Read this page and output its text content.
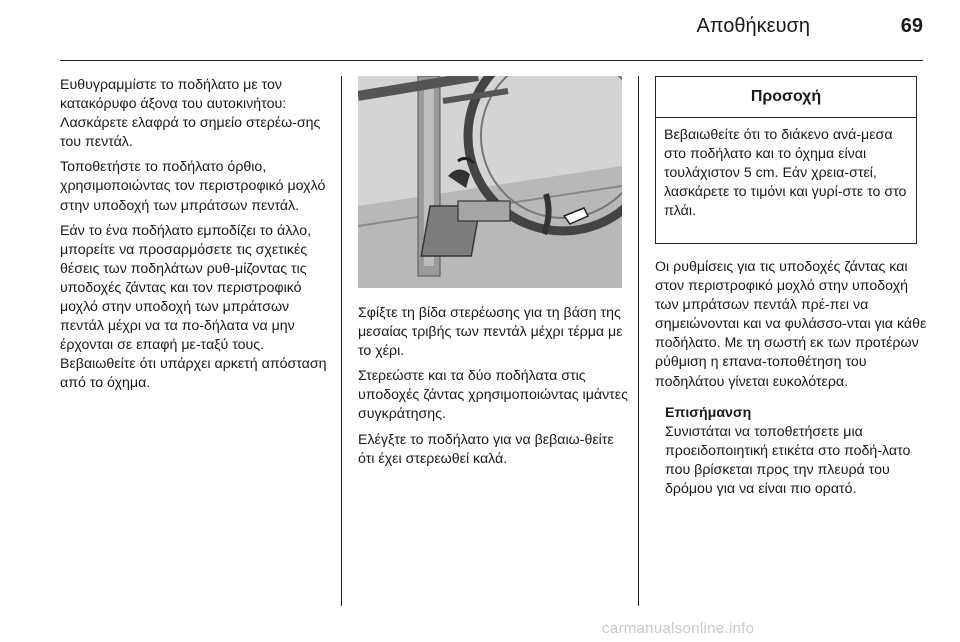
Αποθήκευση	69

Ευθυγραμμίστε το ποδήλατο με τον κατακόρυφο άξονα του αυτοκινήτου: Λασκάρετε ελαφρά το σημείο στερέω‐σης του πεντάλ.

Τοποθετήστε το ποδήλατο όρθιο, χρησιμοποιώντας τον περιστροφικό μοχλό στην υποδοχή των μπράτσων πεντάλ.

Εάν το ένα ποδήλατο εμποδίζει το άλλο, μπορείτε να προσαρμόσετε τις σχετικές θέσεις των ποδηλάτων ρυθ‐μίζοντας τις υποδοχές ζάντας και τον περιστροφικό μοχλό στην υποδοχή των μπράτσων πεντάλ μέχρι να τα πο‐δήλατα να μην έρχονται σε επαφή με‐ταξύ τους. Βεβαιωθείτε ότι υπάρχει αρκετή απόσταση από το όχημα.

Σφίξτε τη βίδα στερέωσης για τη βάση της μεσαίας τριβής των πεντάλ μέχρι τέρμα με το χέρι.

Στερεώστε και τα δύο ποδήλατα στις υποδοχές ζάντας χρησιμοποιώντας ιμάντες συγκράτησης.

Ελέγξτε το ποδήλατο για να βεβαιω‐θείτε ότι έχει στερεωθεί καλά.

Προσοχή
Βεβαιωθείτε ότι το διάκενο ανά‐μεσα στο ποδήλατο και το όχημα είναι τουλάχιστον 5 cm. Εάν χρεια‐στεί, λασκάρετε το τιμόνι και γυρί‐στε το στο πλάι.

Οι ρυθμίσεις για τις υποδοχές ζάντας και στον περιστροφικό μοχλό στην υποδοχή των μπράτσων πεντάλ πρέ‐πει να σημειώνονται και να φυλάσσο‐νται για κάθε ποδήλατο. Με τη σωστή εκ των προτέρων ρύθμιση η επανα‐τοποθέτηση του ποδηλάτου γίνεται ευκολότερα.

Επισήμανση
Συνιστάται να τοποθετήσετε μια προειδοποιητική ετικέτα στο ποδή‐λατο που βρίσκεται προς την πλευρά του δρόμου για να είναι πιο ορατό.
carmanualsonline.info
